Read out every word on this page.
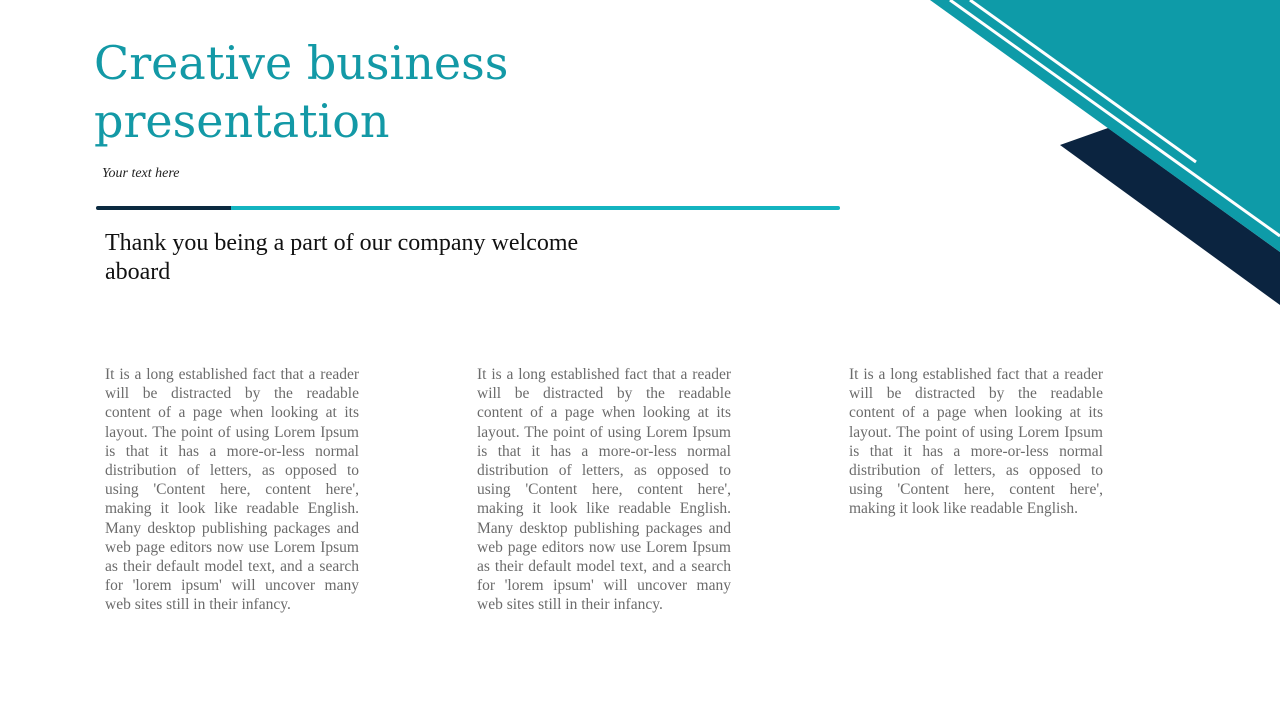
Creative business presentation
Your text here
Thank you being a part of our company welcome aboard
It is a long established fact that a reader will be distracted by the readable content of a page when looking at its layout. The point of using Lorem Ipsum is that it has a more-or-less normal distribution of letters, as opposed to using 'Content here, content here', making it look like readable English. Many desktop publishing packages and web page editors now use Lorem Ipsum as their default model text, and a search for 'lorem ipsum' will uncover many web sites still in their infancy.
It is a long established fact that a reader will be distracted by the readable content of a page when looking at its layout. The point of using Lorem Ipsum is that it has a more-or-less normal distribution of letters, as opposed to using 'Content here, content here', making it look like readable English. Many desktop publishing packages and web page editors now use Lorem Ipsum as their default model text, and a search for 'lorem ipsum' will uncover many web sites still in their infancy.
It is a long established fact that a reader will be distracted by the readable content of a page when looking at its layout. The point of using Lorem Ipsum is that it has a more-or-less normal distribution of letters, as opposed to using 'Content here, content here', making it look like readable English.
